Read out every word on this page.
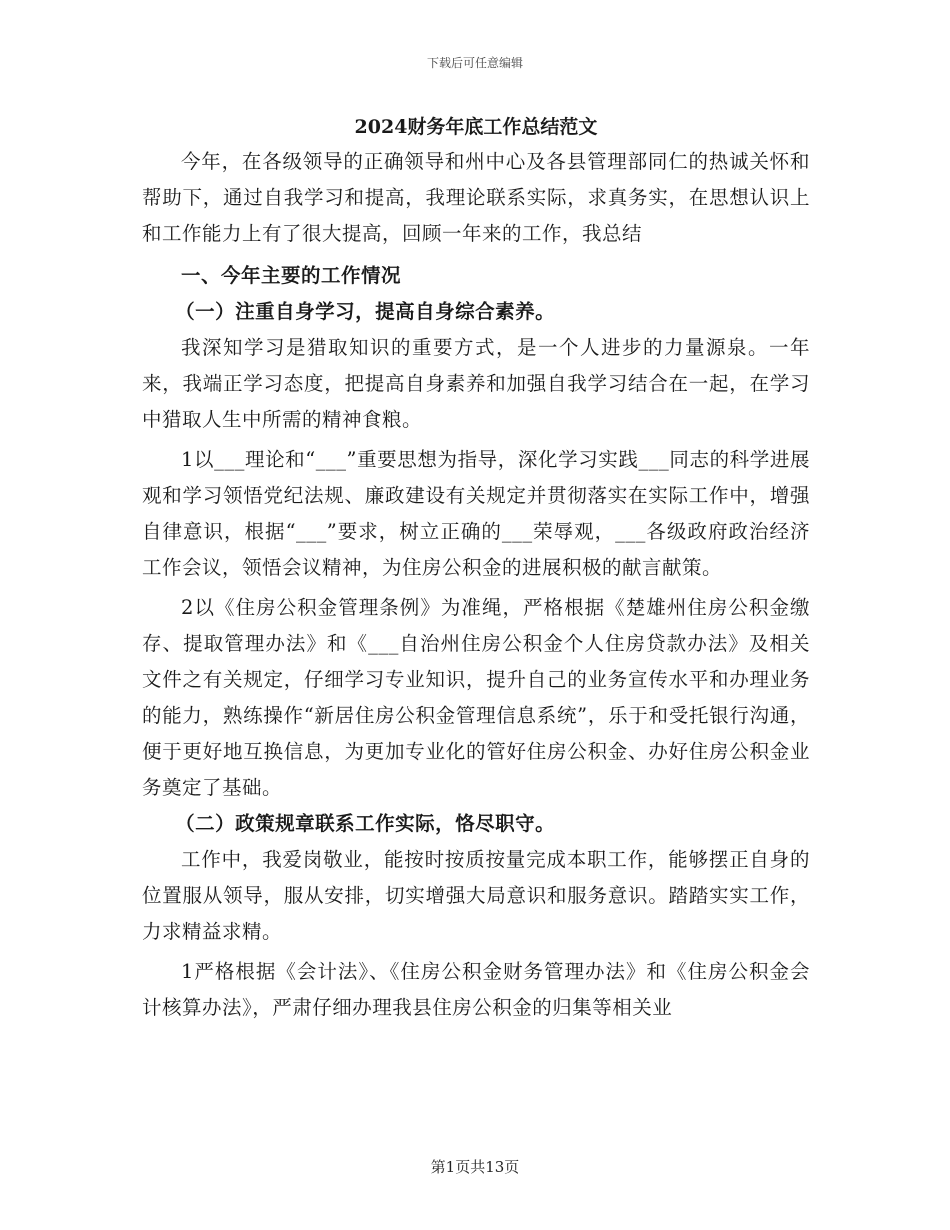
下载后可任意编辑

2024财务年底工作总结范文

今年，在各级领导的正确领导和州中心及各县管理部同仁的热诚关怀和帮助下，通过自我学习和提高，我理论联系实际，求真务实，在思想认识上和工作能力上有了很大提高，回顾一年来的工作，我总结

一、今年主要的工作情况

（一）注重自身学习，提高自身综合素养。

我深知学习是猎取知识的重要方式，是一个人进步的力量源泉。一年来，我端正学习态度，把提高自身素养和加强自我学习结合在一起，在学习中猎取人生中所需的精神食粮。

1以___理论和“___”重要思想为指导，深化学习实践___同志的科学进展观和学习领悟党纪法规、廉政建设有关规定并贯彻落实在实际工作中，增强自律意识，根据“___”要求，树立正确的___荣辱观，___各级政府政治经济工作会议，领悟会议精神，为住房公积金的进展积极的献言献策。

2以《住房公积金管理条例》为准绳，严格根据《楚雄州住房公积金缴存、提取管理办法》和《___自治州住房公积金个人住房贷款办法》及相关文件之有关规定，仔细学习专业知识，提升自己的业务宣传水平和办理业务的能力，熟练操作“新居住房公积金管理信息系统”，乐于和受托银行沟通，便于更好地互换信息，为更加专业化的管好住房公积金、办好住房公积金业务奠定了基础。

（二）政策规章联系工作实际，恪尽职守。

工作中，我爱岗敬业，能按时按质按量完成本职工作，能够摆正自身的位置服从领导，服从安排，切实增强大局意识和服务意识。踏踏实实工作，力求精益求精。

1严格根据《会计法》、《住房公积金财务管理办法》和《住房公积金会计核算办法》，严肃仔细办理我县住房公积金的归集等相关业

第1页共13页
